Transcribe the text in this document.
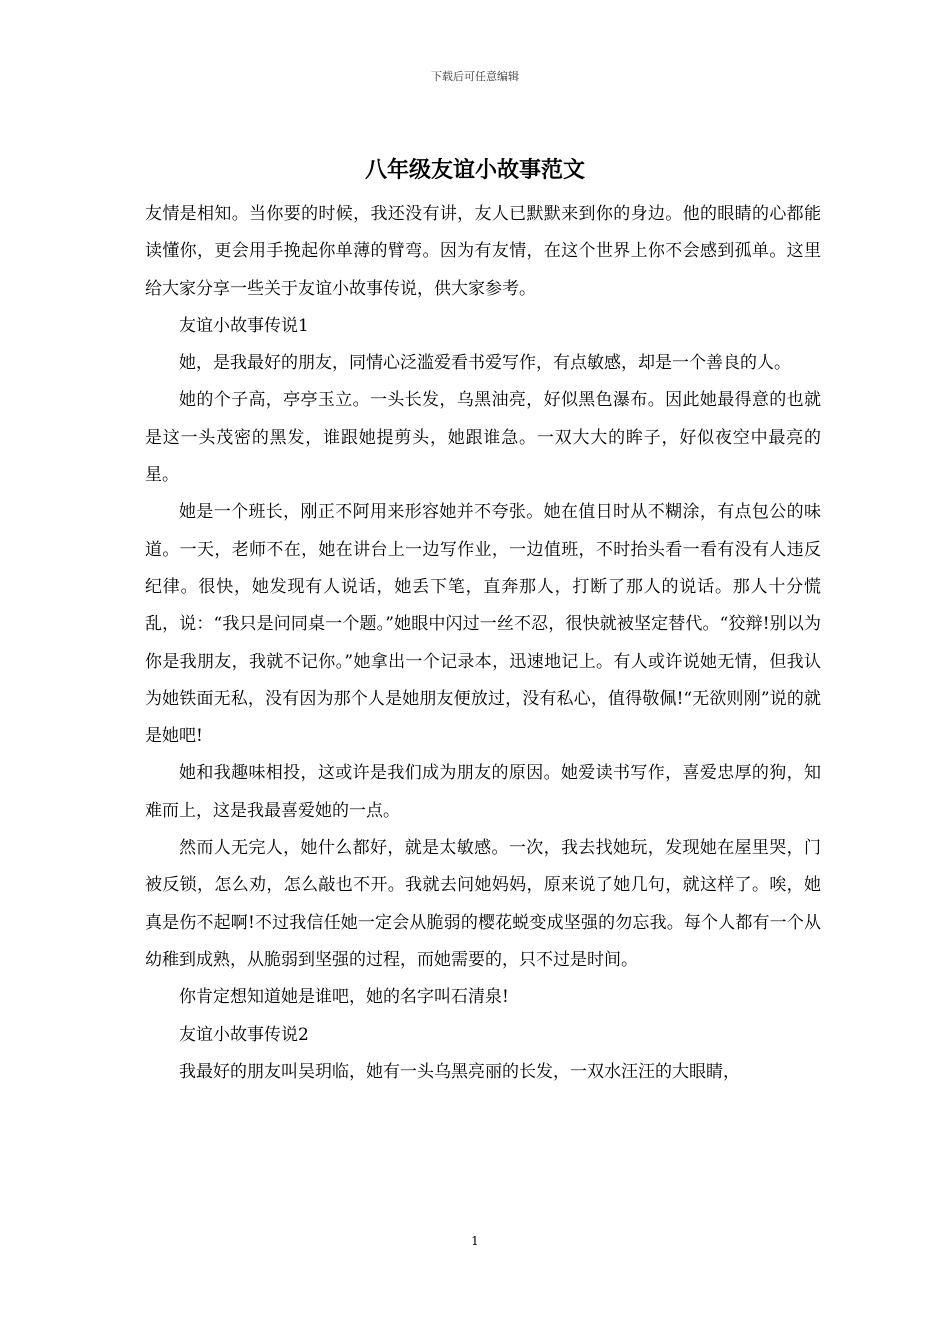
下载后可任意编辑
八年级友谊小故事范文

友情是相知。当你要的时候，我还没有讲，友人已默默来到你的身边。他的眼睛的心都能读懂你，更会用手挽起你单薄的臂弯。因为有友情，在这个世界上你不会感到孤单。这里给大家分享一些关于友谊小故事传说，供大家参考。

友谊小故事传说1

她，是我最好的朋友，同情心泛滥爱看书爱写作，有点敏感，却是一个善良的人。

她的个子高，亭亭玉立。一头长发，乌黑油亮，好似黑色瀑布。因此她最得意的也就是这一头茂密的黑发，谁跟她提剪头，她跟谁急。一双大大的眸子，好似夜空中最亮的星。

她是一个班长，刚正不阿用来形容她并不夸张。她在值日时从不糊涂，有点包公的味道。一天，老师不在，她在讲台上一边写作业，一边值班，不时抬头看一看有没有人违反纪律。很快，她发现有人说话，她丢下笔，直奔那人，打断了那人的说话。那人十分慌乱，说：“我只是问同桌一个题。”她眼中闪过一丝不忍，很快就被坚定替代。“狡辩!别以为你是我朋友，我就不记你。”她拿出一个记录本，迅速地记上。有人或许说她无情，但我认为她铁面无私，没有因为那个人是她朋友便放过，没有私心，值得敬佩!“无欲则刚”说的就是她吧!

她和我趣味相投，这或许是我们成为朋友的原因。她爱读书写作，喜爱忠厚的狗，知难而上，这是我最喜爱她的一点。

然而人无完人，她什么都好，就是太敏感。一次，我去找她玩，发现她在屋里哭，门被反锁，怎么劝，怎么敲也不开。我就去问她妈妈，原来说了她几句，就这样了。唉，她真是伤不起啊!不过我信任她一定会从脆弱的樱花蜕变成坚强的勿忘我。每个人都有一个从幼稚到成熟，从脆弱到坚强的过程，而她需要的，只不过是时间。

你肯定想知道她是谁吧，她的名字叫石清泉!

友谊小故事传说2

我最好的朋友叫吴玥临，她有一头乌黑亮丽的长发，一双水汪汪的大眼睛，

1
